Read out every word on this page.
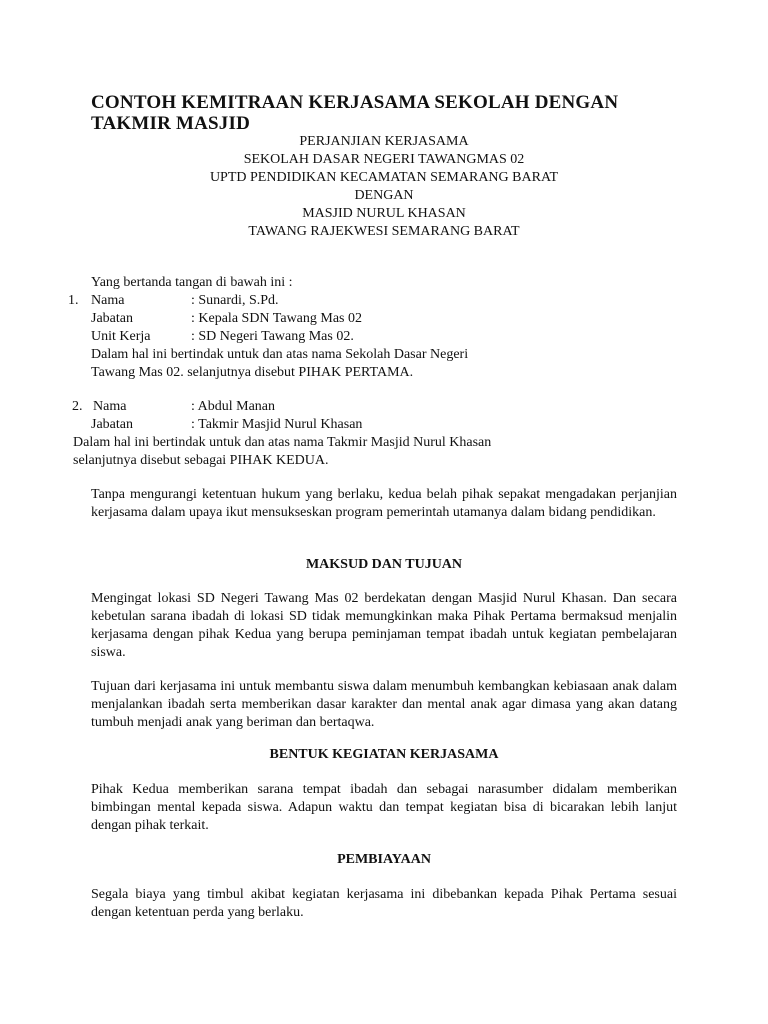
CONTOH KEMITRAAN KERJASAMA SEKOLAH DENGAN TAKMIR MASJID
PERJANJIAN KERJASAMA
SEKOLAH DASAR NEGERI TAWANGMAS 02
UPTD PENDIDIKAN KECAMATAN SEMARANG BARAT
DENGAN
MASJID NURUL KHASAN
TAWANG RAJEKWESI SEMARANG BARAT

Yang bertanda tangan di bawah ini :

1. Nama	: Sunardi, S.Pd.

Jabatan	: Kepala SDN Tawang Mas 02

Unit Kerja	: SD Negeri Tawang Mas 02.

Dalam hal ini bertindak untuk dan atas nama Sekolah Dasar Negeri

Tawang Mas 02. selanjutnya disebut PIHAK PERTAMA.

2. Nama	: Abdul Manan

Jabatan	: Takmir Masjid Nurul Khasan

Dalam hal ini bertindak untuk dan atas nama Takmir Masjid Nurul Khasan

selanjutnya disebut sebagai PIHAK KEDUA.

Tanpa mengurangi ketentuan hukum yang berlaku, kedua belah pihak sepakat mengadakan perjanjian kerjasama dalam upaya ikut mensukseskan program pemerintah utamanya dalam bidang pendidikan.

MAKSUD DAN TUJUAN

Mengingat lokasi SD Negeri Tawang Mas 02 berdekatan dengan Masjid Nurul Khasan. Dan secara kebetulan sarana ibadah di lokasi SD tidak memungkinkan maka Pihak Pertama bermaksud menjalin kerjasama dengan pihak Kedua yang berupa peminjaman tempat ibadah untuk kegiatan pembelajaran siswa.

Tujuan dari kerjasama ini untuk membantu siswa dalam menumbuh kembangkan kebiasaan anak dalam menjalankan ibadah serta memberikan dasar karakter dan mental anak agar dimasa yang akan datang tumbuh menjadi anak yang beriman dan bertaqwa.

BENTUK KEGIATAN KERJASAMA

Pihak Kedua memberikan sarana tempat ibadah dan sebagai narasumber didalam memberikan bimbingan mental kepada siswa. Adapun waktu dan tempat kegiatan bisa di bicarakan lebih lanjut dengan pihak terkait.

PEMBIAYAAN

Segala biaya yang timbul akibat kegiatan kerjasama ini dibebankan kepada Pihak Pertama sesuai dengan ketentuan perda yang berlaku.
